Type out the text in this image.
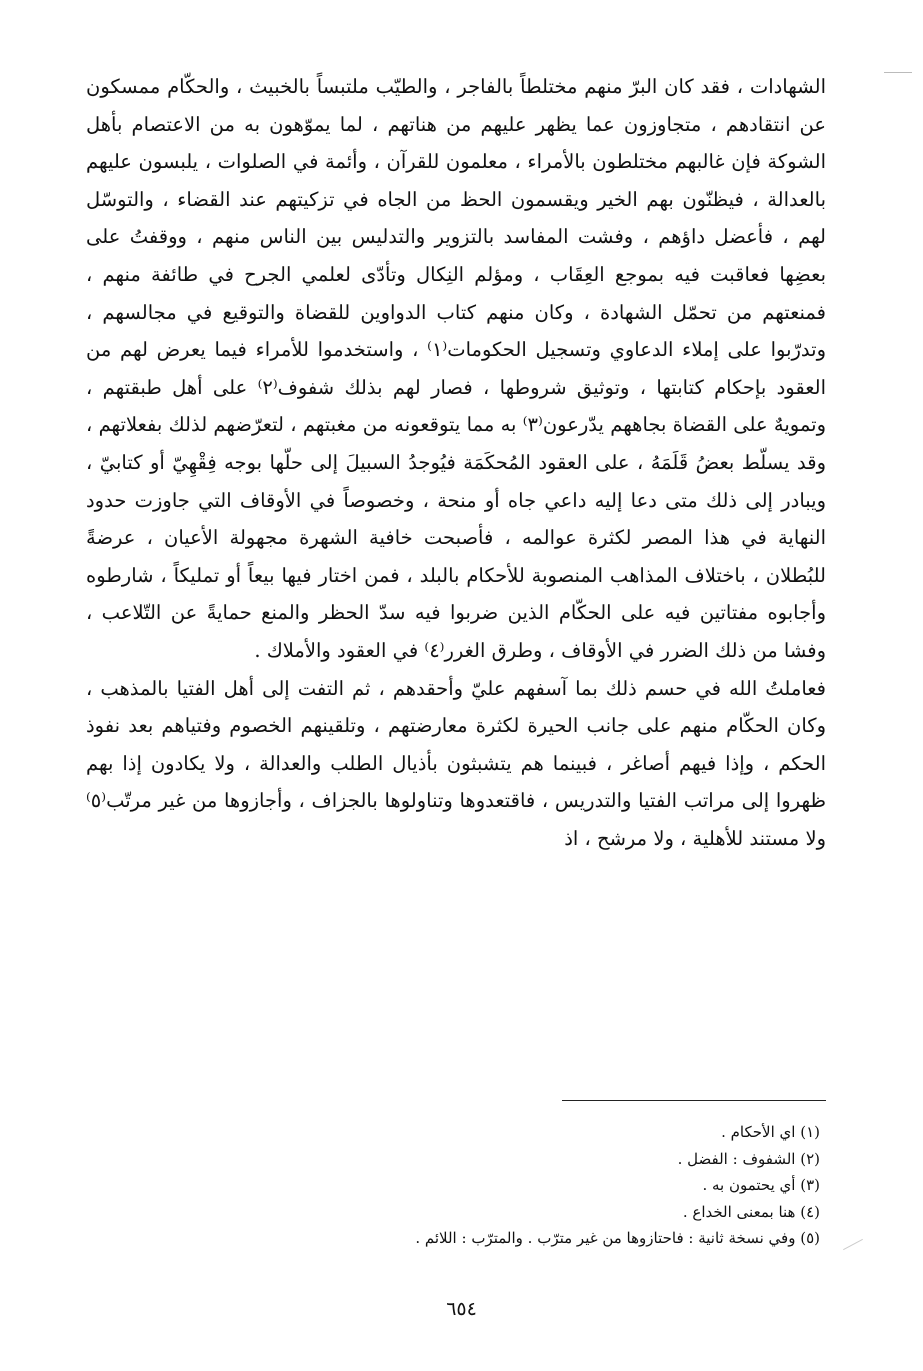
الشهادات ، فقد كان البرّ منهم مختلطاً بالفاجر ، والطيّب ملتبساً بالخبيث ، والحكّام ممسكون عن انتقادهم ، متجاوزون عما يظهر عليهم من هناتهم ، لما يموّهون به من الاعتصام بأهل الشوكة فإن غالبهم مختلطون بالأمراء ، معلمون للقرآن ، وأئمة في الصلوات ، يلبسون عليهم بالعدالة ، فيظنّون بهم الخير ويقسمون الحظ من الجاه في تزكيتهم عند القضاء ، والتوسّل لهم ، فأعضل داؤهم ، وفشت المفاسد بالتزوير والتدليس بين الناس منهم ، ووقفتُ على بعضِها فعاقبت فيه بموجع العِقَاب ، ومؤلم النِكال وتأدّى لعلمي الجرح في طائفة منهم ، فمنعتهم من تحمّل الشهادة ، وكان منهم كتاب الدواوين للقضاة والتوقيع في مجالسهم ، وتدرّبوا على إملاء الدعاوي وتسجيل الحكومات⁽١⁾ ، واستخدموا للأمراء فيما يعرض لهم من العقود بإحكام كتابتها ، وتوثيق شروطها ، فصار لهم بذلك شفوف⁽٢⁾ على أهل طبقتهم ، وتمويهٌ على القضاة بجاههم يدّرعون⁽٣⁾ به مما يتوقعونه من مغبتهم ، لتعرّضهم لذلك بفعلاتهم ، وقد يسلّط بعضُ قَلَمَهُ ، على العقود المُحكَمَة فيُوجدُ السبيلَ إلى حلّها بوجه فِقْهِيّ أو كتابيّ ، ويبادر إلى ذلك متى دعا إليه داعي جاه أو منحة ، وخصوصاً في الأوقاف التي جاوزت حدود النهاية في هذا المصر لكثرة عوالمه ، فأصبحت خافية الشهرة مجهولة الأعيان ، عرضةً للبُطلان ، باختلاف المذاهب المنصوبة للأحكام بالبلد ، فمن اختار فيها بيعاً أو تمليكاً ، شارطوه وأجابوه مفتاتين فيه على الحكّام الذين ضربوا فيه سدّ الحظر والمنع حمايةً عن التّلاعب ، وفشا من ذلك الضرر في الأوقاف ، وطرق الغرر⁽٤⁾ في العقود والأملاك .

فعاملتُ الله في حسم ذلك بما آسفهم عليّ وأحقدهم ، ثم التفت إلى أهل الفتيا بالمذهب ، وكان الحكّام منهم على جانب الحيرة لكثرة معارضتهم ، وتلقينهم الخصوم وفتياهم بعد نفوذ الحكم ، وإذا فيهم أصاغر ، فبينما هم يتشبثون بأذيال الطلب والعدالة ، ولا يكادون إذا بهم ظهروا إلى مراتب الفتيا والتدريس ، فاقتعدوها وتناولوها بالجزاف ، وأجازوها من غير مرتّب⁽٥⁾ ولا مستند للأهلية ، ولا مرشح ، اذ

(١) اي الأحكام .

(٢) الشفوف : الفضل .

(٣) أي يحتمون به .

(٤) هنا بمعنى الخداع .

(٥) وفي نسخة ثانية : فاحتازوها من غير مترّب . والمترّب : اللائم .

٦٥٤
